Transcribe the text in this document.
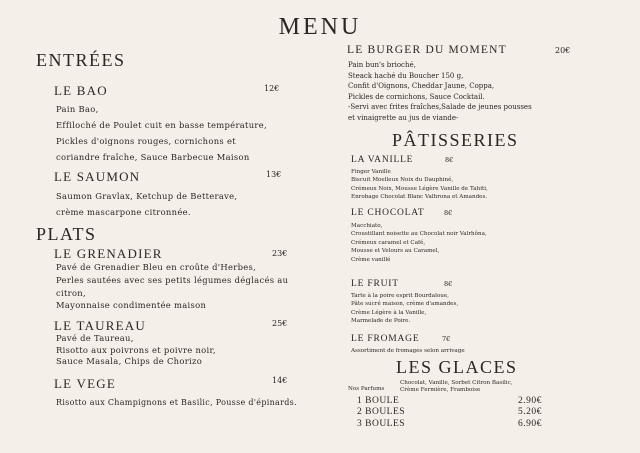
MENU
ENTRÉES
LE BAO	12€
Pain Bao,
Effiloché de Poulet cuit en basse température,
Pickles d'oignons rouges, cornichons et
coriandre fraîche, Sauce Barbecue Maison
LE SAUMON	13€
Saumon Gravlax, Ketchup de Betterave,
crème mascarpone citronnée.
PLATS
LE GRENADIER	23€
Pavé de Grenadier Bleu en croûte d'Herbes,
Perles sautées avec ses petits légumes déglacés au
citron,
Mayonnaise condimentée maison
LE TAUREAU	25€
Pavé de Taureau,
Risotto aux poivrons et poivre noir,
Sauce Masala, Chips de Chorizo
LE VEGE	14€
Risotto aux Champignons et Basilic, Pousse d'épinards.
LE BURGER DU MOMENT	20€
Pain bun's brioché,
Steack haché du Boucher 150 g,
Confit d'Oignons, Cheddar Jaune, Coppa,
Pickles de cornichons, Sauce Cocktail.
-Servi avec frites fraîches,Salade de jeunes pousses
et vinaigrette au jus de viande-
PÂTISSERIES
LA VANILLE	8€
Finger Vanille
Biscuit Moelleux Noix du Dauphiné,
Crémeux Noix, Mousse Légère Vanille de Tahiti,
Enrobage Chocolat Blanc Valhrona et Amandes.
LE CHOCOLAT	8€
Macchiato,
Croustillant noisette au Chocolat noir Valrhôna,
Crémeux caramel et Café,
Mousse et Velours au Caramel,
Crème vanillé
LE FRUIT	8€
Tarte à la poire esprit Bourdaloue,
Pâte sucré maison, crème d'amandes,
Crème Légère à la Vanille,
Marmelade de Poire.
LE FROMAGE	7€
Assortiment de fromages selon arrivage
LES GLACES
Nos Parfums
Chocolat, Vanille, Sorbet Citron Basilic,
Crème Fermière, Framboise
1 BOULE	2.90€
2 BOULES	5.20€
3 BOULES	6.90€
